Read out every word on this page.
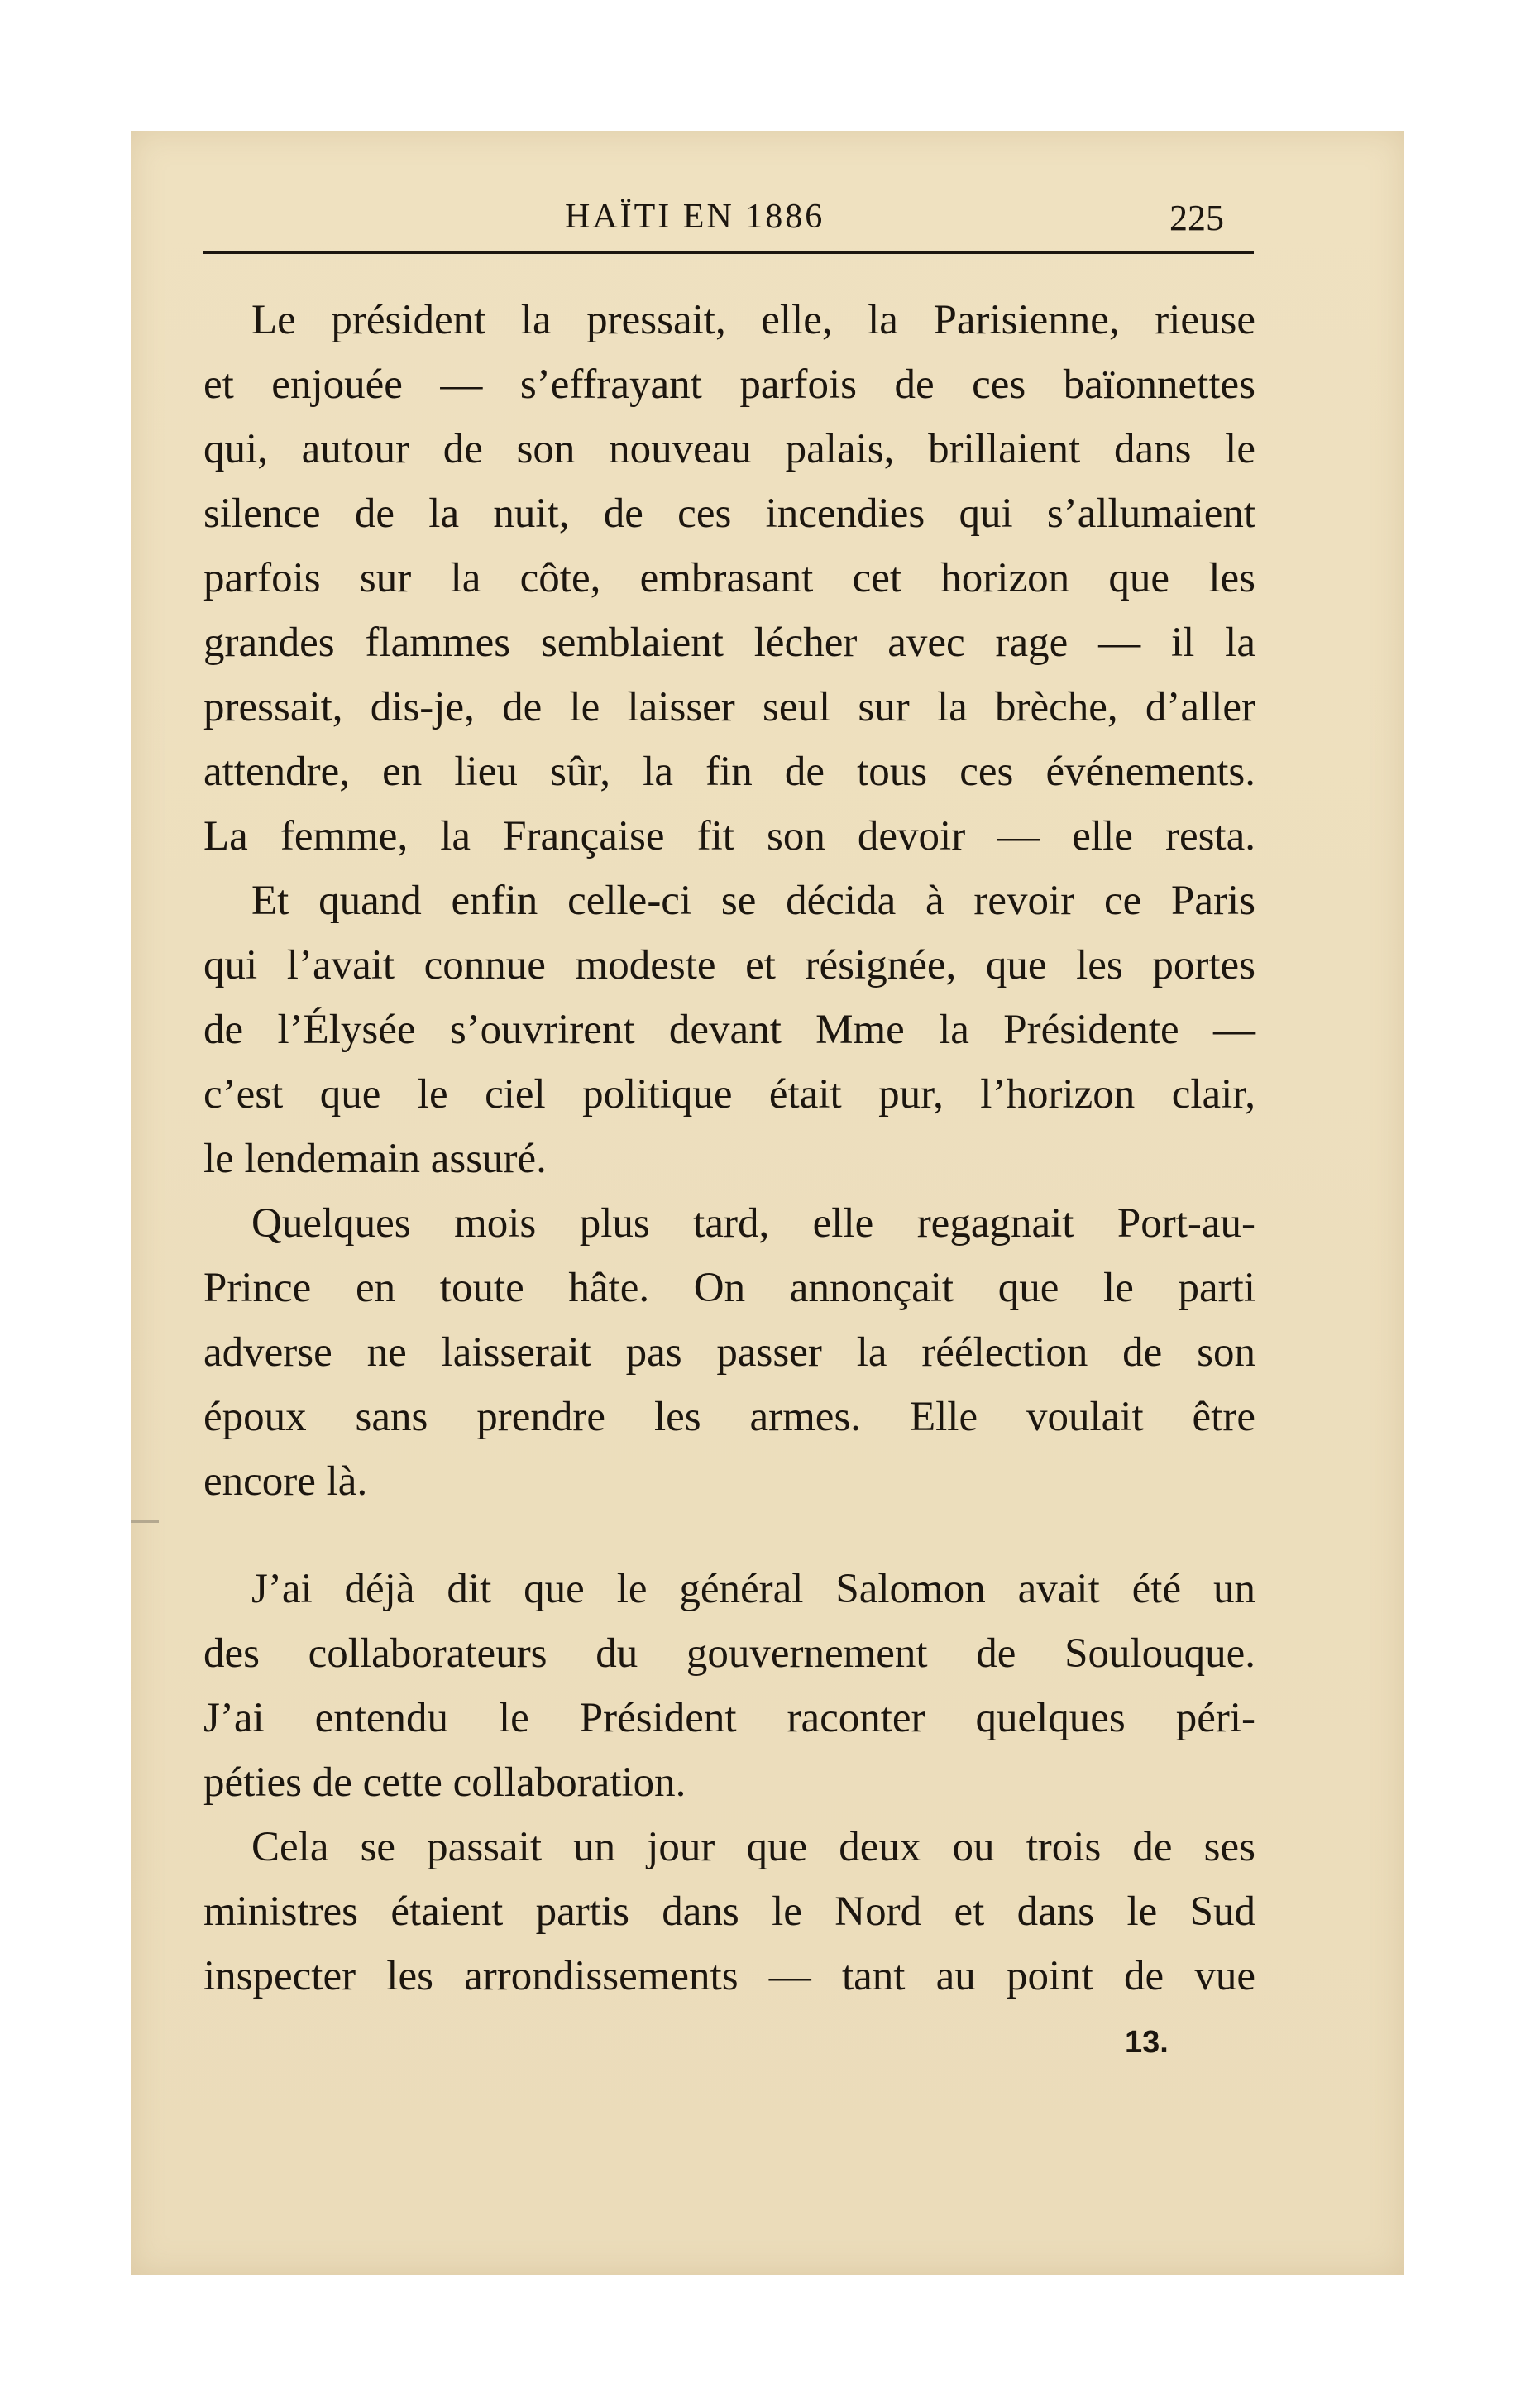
HAÏTI EN 1886	225
Le président la pressait, elle, la Parisienne, rieuse
et enjouée — s’effrayant parfois de ces baïonnettes
qui, autour de son nouveau palais, brillaient dans le
silence de la nuit, de ces incendies qui s’allumaient
parfois sur la côte, embrasant cet horizon que les
grandes flammes semblaient lécher avec rage — il la
pressait, dis-je, de le laisser seul sur la brèche, d’aller
attendre, en lieu sûr, la fin de tous ces événements.
La femme, la Française fit son devoir — elle resta.
Et quand enfin celle-ci se décida à revoir ce Paris
qui l’avait connue modeste et résignée, que les portes
de l’Élysée s’ouvrirent devant Mme la Présidente —
c’est que le ciel politique était pur, l’horizon clair,
le lendemain assuré.
Quelques mois plus tard, elle regagnait Port-au-
Prince en toute hâte. On annonçait que le parti
adverse ne laisserait pas passer la réélection de son
époux sans prendre les armes. Elle voulait être
encore là.
J’ai déjà dit que le général Salomon avait été un
des collaborateurs du gouvernement de Soulouque.
J’ai entendu le Président raconter quelques péri-
péties de cette collaboration.
Cela se passait un jour que deux ou trois de ses
ministres étaient partis dans le Nord et dans le Sud
inspecter les arrondissements — tant au point de vue
13.
